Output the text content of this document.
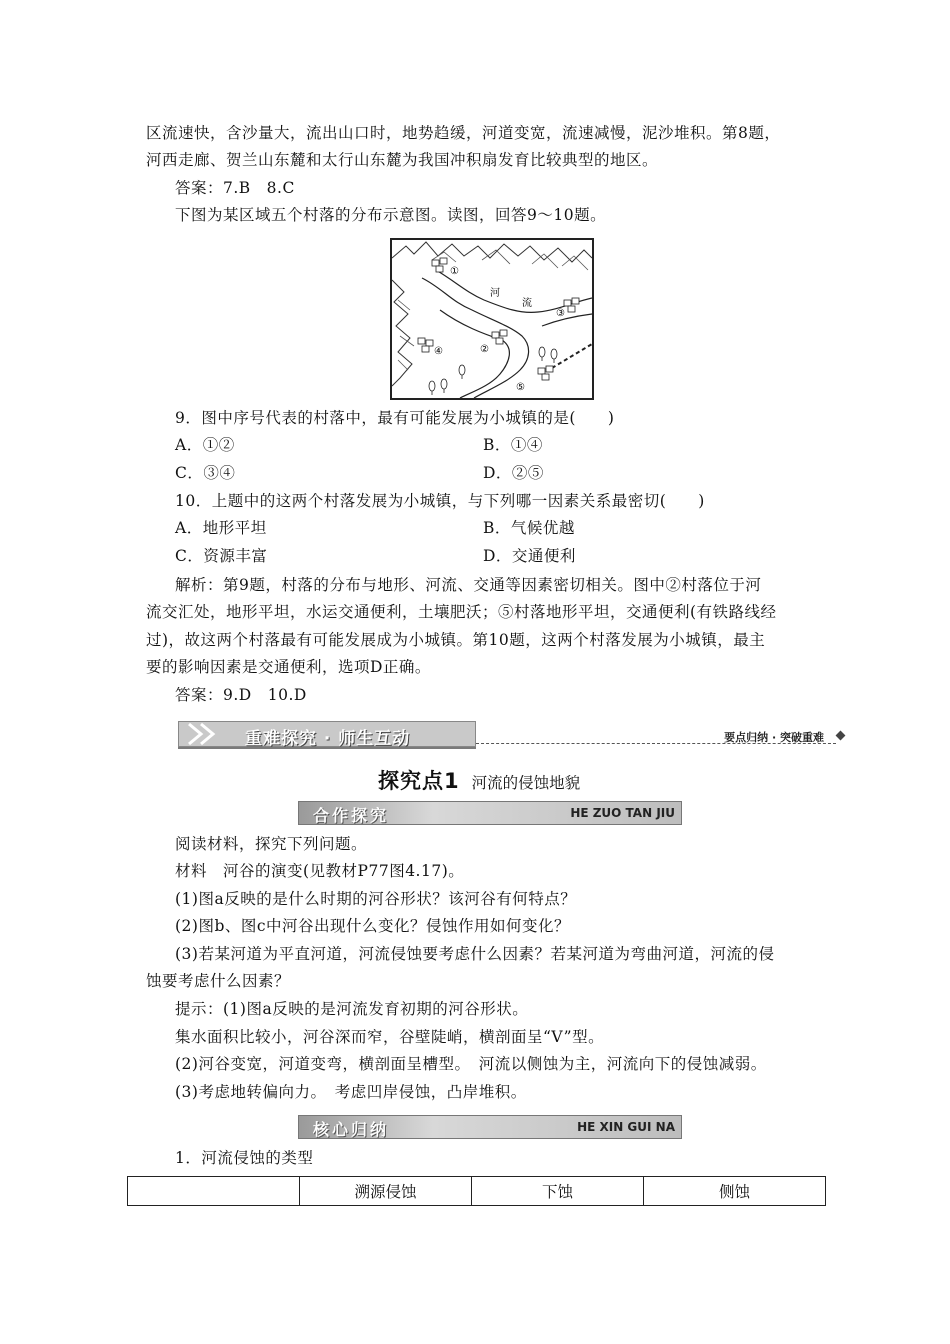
区流速快，含沙量大，流出山口时，地势趋缓，河道变宽，流速减慢，泥沙堆积。第8题，
河西走廊、贺兰山东麓和太行山东麓为我国冲积扇发育比较典型的地区。
答案：7.B　8.C
下图为某区域五个村落的分布示意图。读图，回答9～10题。
①
②
③
④
⑤
河
流
9．图中序号代表的村落中，最有可能发展为小城镇的是(　　)
A．①②	B．①④
C．③④	D．②⑤
10．上题中的这两个村落发展为小城镇，与下列哪一因素关系最密切(　　)
A．地形平坦	B．气候优越
C．资源丰富	D．交通便利
解析：第9题，村落的分布与地形、河流、交通等因素密切相关。图中②村落位于河
流交汇处，地形平坦，水运交通便利，土壤肥沃；⑤村落地形平坦，交通便利(有铁路线经
过)，故这两个村落最有可能发展成为小城镇。第10题，这两个村落发展为小城镇，最主
要的影响因素是交通便利，选项D正确。
答案：9.D　10.D
重难探究 · 师生互动	要点归纳 · 突破重难
探究点1 河流的侵蚀地貌
合作探究	HE ZUO TAN JIU
阅读材料，探究下列问题。
材料　河谷的演变(见教材P77图4.17)。
(1)图a反映的是什么时期的河谷形状？该河谷有何特点？
(2)图b、图c中河谷出现什么变化？侵蚀作用如何变化？
(3)若某河道为平直河道，河流侵蚀要考虑什么因素？若某河道为弯曲河道，河流的侵
蚀要考虑什么因素？
提示：(1)图a反映的是河流发育初期的河谷形状。
集水面积比较小，河谷深而窄，谷壁陡峭，横剖面呈“V”型。
(2)河谷变宽，河道变弯，横剖面呈槽型。　河流以侧蚀为主，河流向下的侵蚀减弱。
(3)考虑地转偏向力。　考虑凹岸侵蚀，凸岸堆积。
核心归纳	HE XIN GUI NA
1．河流侵蚀的类型
	溯源侵蚀	下蚀	侧蚀
